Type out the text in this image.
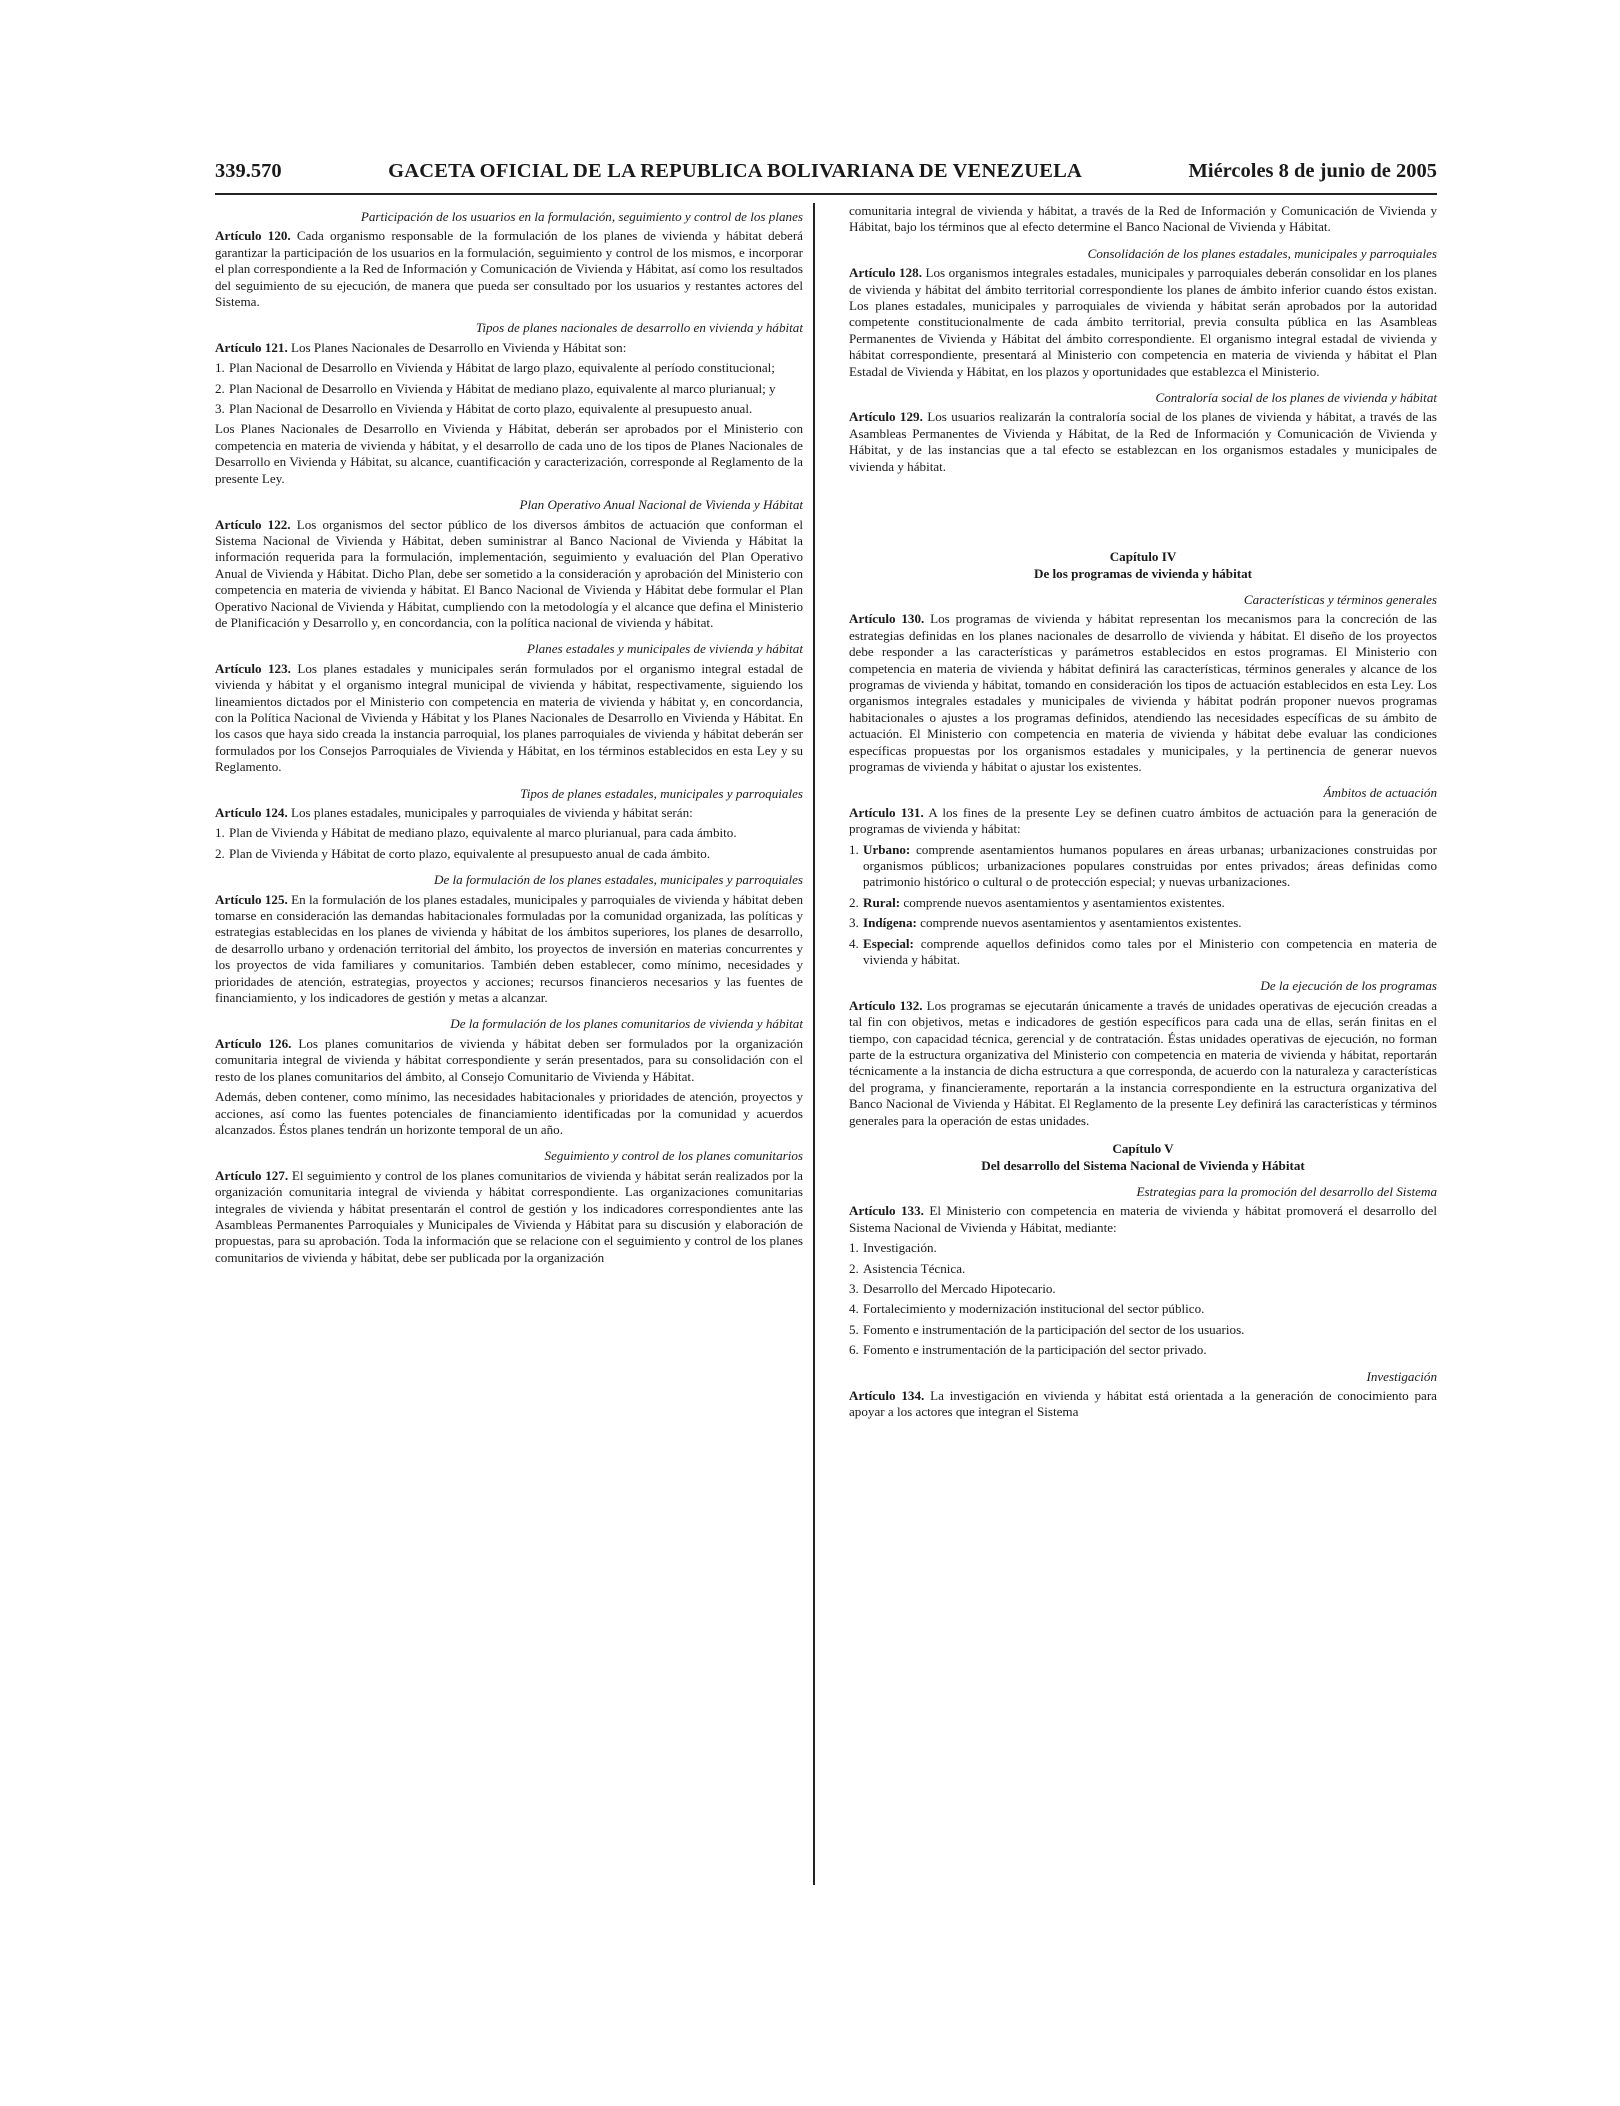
339.570	GACETA OFICIAL DE LA REPUBLICA BOLIVARIANA DE VENEZUELA	Miércoles 8 de junio de 2005
Participación de los usuarios en la formulación, seguimiento y control de los planes

Artículo 120. Cada organismo responsable de la formulación de los planes de vivienda y hábitat deberá garantizar la participación de los usuarios en la formulación, seguimiento y control de los mismos, e incorporar el plan correspondiente a la Red de Información y Comunicación de Vivienda y Hábitat, así como los resultados del seguimiento de su ejecución, de manera que pueda ser consultado por los usuarios y restantes actores del Sistema.

Tipos de planes nacionales de desarrollo en vivienda y hábitat

Artículo 121. Los Planes Nacionales de Desarrollo en Vivienda y Hábitat son:

1. Plan Nacional de Desarrollo en Vivienda y Hábitat de largo plazo, equivalente al período constitucional;
2. Plan Nacional de Desarrollo en Vivienda y Hábitat de mediano plazo, equivalente al marco plurianual; y
3. Plan Nacional de Desarrollo en Vivienda y Hábitat de corto plazo, equivalente al presupuesto anual.

Los Planes Nacionales de Desarrollo en Vivienda y Hábitat, deberán ser aprobados por el Ministerio con competencia en materia de vivienda y hábitat, y el desarrollo de cada uno de los tipos de Planes Nacionales de Desarrollo en Vivienda y Hábitat, su alcance, cuantificación y caracterización, corresponde al Reglamento de la presente Ley.

Plan Operativo Anual Nacional de Vivienda y Hábitat

Artículo 122. Los organismos del sector público de los diversos ámbitos de actuación que conforman el Sistema Nacional de Vivienda y Hábitat, deben suministrar al Banco Nacional de Vivienda y Hábitat la información requerida para la formulación, implementación, seguimiento y evaluación del Plan Operativo Anual de Vivienda y Hábitat. Dicho Plan, debe ser sometido a la consideración y aprobación del Ministerio con competencia en materia de vivienda y hábitat. El Banco Nacional de Vivienda y Hábitat debe formular el Plan Operativo Nacional de Vivienda y Hábitat, cumpliendo con la metodología y el alcance que defina el Ministerio de Planificación y Desarrollo y, en concordancia, con la política nacional de vivienda y hábitat.

Planes estadales y municipales de vivienda y hábitat

Artículo 123. Los planes estadales y municipales serán formulados por el organismo integral estadal de vivienda y hábitat y el organismo integral municipal de vivienda y hábitat, respectivamente, siguiendo los lineamientos dictados por el Ministerio con competencia en materia de vivienda y hábitat y, en concordancia, con la Política Nacional de Vivienda y Hábitat y los Planes Nacionales de Desarrollo en Vivienda y Hábitat. En los casos que haya sido creada la instancia parroquial, los planes parroquiales de vivienda y hábitat deberán ser formulados por los Consejos Parroquiales de Vivienda y Hábitat, en los términos establecidos en esta Ley y su Reglamento.

Tipos de planes estadales, municipales y parroquiales

Artículo 124. Los planes estadales, municipales y parroquiales de vivienda y hábitat serán:

1. Plan de Vivienda y Hábitat de mediano plazo, equivalente al marco plurianual, para cada ámbito.
2. Plan de Vivienda y Hábitat de corto plazo, equivalente al presupuesto anual de cada ámbito.
De la formulación de los planes estadales, municipales y parroquiales

Artículo 125. En la formulación de los planes estadales, municipales y parroquiales de vivienda y hábitat deben tomarse en consideración las demandas habitacionales formuladas por la comunidad organizada, las políticas y estrategias establecidas en los planes de vivienda y hábitat de los ámbitos superiores, los planes de desarrollo, de desarrollo urbano y ordenación territorial del ámbito, los proyectos de inversión en materias concurrentes y los proyectos de vida familiares y comunitarios. También deben establecer, como mínimo, necesidades y prioridades de atención, estrategias, proyectos y acciones; recursos financieros necesarios y las fuentes de financiamiento, y los indicadores de gestión y metas a alcanzar.

De la formulación de los planes comunitarios de vivienda y hábitat

Artículo 126. Los planes comunitarios de vivienda y hábitat deben ser formulados por la organización comunitaria integral de vivienda y hábitat correspondiente y serán presentados, para su consolidación con el resto de los planes comunitarios del ámbito, al Consejo Comunitario de Vivienda y Hábitat.

Además, deben contener, como mínimo, las necesidades habitacionales y prioridades de atención, proyectos y acciones, así como las fuentes potenciales de financiamiento identificadas por la comunidad y acuerdos alcanzados. Éstos planes tendrán un horizonte temporal de un año.

Seguimiento y control de los planes comunitarios

Artículo 127. El seguimiento y control de los planes comunitarios de vivienda y hábitat serán realizados por la organización comunitaria integral de vivienda y hábitat correspondiente. Las organizaciones comunitarias integrales de vivienda y hábitat presentarán el control de gestión y los indicadores correspondientes ante las Asambleas Permanentes Parroquiales y Municipales de Vivienda y Hábitat para su discusión y elaboración de propuestas, para su aprobación. Toda la información que se relacione con el seguimiento y control de los planes comunitarios de vivienda y hábitat, debe ser publicada por la organización

comunitaria integral de vivienda y hábitat, a través de la Red de Información y Comunicación de Vivienda y Hábitat, bajo los términos que al efecto determine el Banco Nacional de Vivienda y Hábitat.

Consolidación de los planes estadales, municipales y parroquiales

Artículo 128. Los organismos integrales estadales, municipales y parroquiales deberán consolidar en los planes de vivienda y hábitat del ámbito territorial correspondiente los planes de ámbito inferior cuando éstos existan. Los planes estadales, municipales y parroquiales de vivienda y hábitat serán aprobados por la autoridad competente constitucionalmente de cada ámbito territorial, previa consulta pública en las Asambleas Permanentes de Vivienda y Hábitat del ámbito correspondiente. El organismo integral estadal de vivienda y hábitat correspondiente, presentará al Ministerio con competencia en materia de vivienda y hábitat el Plan Estadal de Vivienda y Hábitat, en los plazos y oportunidades que establezca el Ministerio.

Contraloría social de los planes de vivienda y hábitat

Artículo 129. Los usuarios realizarán la contraloría social de los planes de vivienda y hábitat, a través de las Asambleas Permanentes de Vivienda y Hábitat, de la Red de Información y Comunicación de Vivienda y Hábitat, y de las instancias que a tal efecto se establezcan en los organismos estadales y municipales de vivienda y hábitat.

Capítulo IV
De los programas de vivienda y hábitat
Características y términos generales

Artículo 130. Los programas de vivienda y hábitat representan los mecanismos para la concreción de las estrategias definidas en los planes nacionales de desarrollo de vivienda y hábitat. El diseño de los proyectos debe responder a las características y parámetros establecidos en estos programas. El Ministerio con competencia en materia de vivienda y hábitat definirá las características, términos generales y alcance de los programas de vivienda y hábitat, tomando en consideración los tipos de actuación establecidos en esta Ley. Los organismos integrales estadales y municipales de vivienda y hábitat podrán proponer nuevos programas habitacionales o ajustes a los programas definidos, atendiendo las necesidades específicas de su ámbito de actuación. El Ministerio con competencia en materia de vivienda y hábitat debe evaluar las condiciones específicas propuestas por los organismos estadales y municipales, y la pertinencia de generar nuevos programas de vivienda y hábitat o ajustar los existentes.

Ámbitos de actuación

Artículo 131. A los fines de la presente Ley se definen cuatro ámbitos de actuación para la generación de programas de vivienda y hábitat:

1. Urbano: comprende asentamientos humanos populares en áreas urbanas; urbanizaciones construidas por organismos públicos; urbanizaciones populares construidas por entes privados; áreas definidas como patrimonio histórico o cultural o de protección especial; y nuevas urbanizaciones.
2. Rural: comprende nuevos asentamientos y asentamientos existentes.
3. Indígena: comprende nuevos asentamientos y asentamientos existentes.
4. Especial: comprende aquellos definidos como tales por el Ministerio con competencia en materia de vivienda y hábitat.
De la ejecución de los programas

Artículo 132. Los programas se ejecutarán únicamente a través de unidades operativas de ejecución creadas a tal fin con objetivos, metas e indicadores de gestión específicos para cada una de ellas, serán finitas en el tiempo, con capacidad técnica, gerencial y de contratación. Éstas unidades operativas de ejecución, no forman parte de la estructura organizativa del Ministerio con competencia en materia de vivienda y hábitat, reportarán técnicamente a la instancia de dicha estructura a que corresponda, de acuerdo con la naturaleza y características del programa, y financieramente, reportarán a la instancia correspondiente en la estructura organizativa del Banco Nacional de Vivienda y Hábitat. El Reglamento de la presente Ley definirá las características y términos generales para la operación de estas unidades.

Capítulo V
Del desarrollo del Sistema Nacional de Vivienda y Hábitat
Estrategias para la promoción del desarrollo del Sistema

Artículo 133. El Ministerio con competencia en materia de vivienda y hábitat promoverá el desarrollo del Sistema Nacional de Vivienda y Hábitat, mediante:

1. Investigación.
2. Asistencia Técnica.
3. Desarrollo del Mercado Hipotecario.
4. Fortalecimiento y modernización institucional del sector público.
5. Fomento e instrumentación de la participación del sector de los usuarios.
6. Fomento e instrumentación de la participación del sector privado.
Investigación

Artículo 134. La investigación en vivienda y hábitat está orientada a la generación de conocimiento para apoyar a los actores que integran el Sistema
